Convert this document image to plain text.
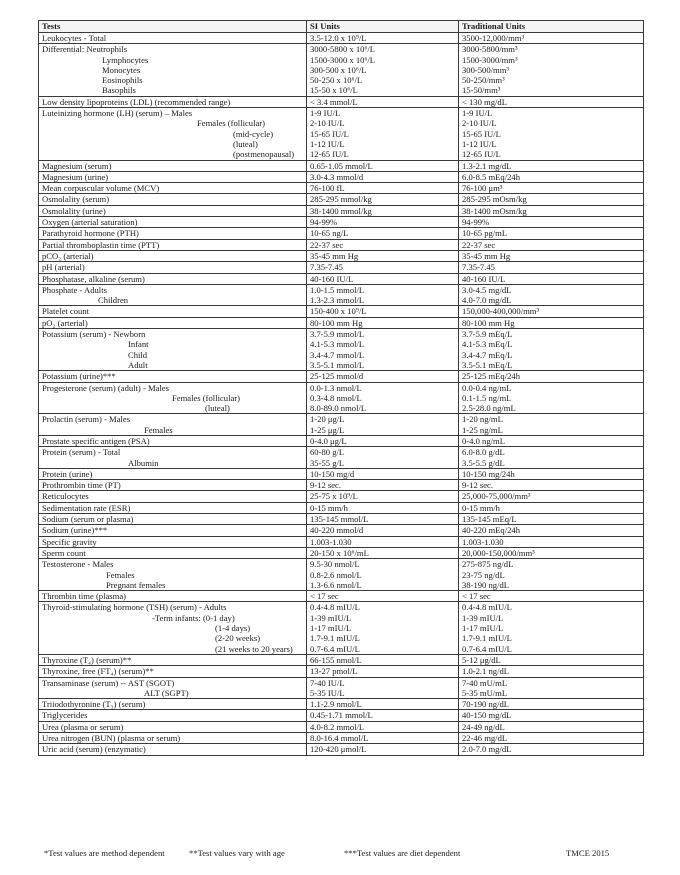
Tests	SI Units	Traditional Units
Leukocytes - Total	3.5-12.0 x 10⁹/L	3500-12,000/mm³
Differential: Neutrophils	3000-5800 x 10⁶/L	3000-5800/mm³
Lymphocytes	1500-3000 x 10⁶/L	1500-3000/mm³
Monocytes	300-500 x 10⁶/L	300-500/mm³
Eosinophils	50-250 x 10⁶/L	50-250/mm³
Basophils	15-50 x 10⁶/L	15-50/mm³
Low density lipoproteins (LDL) (recommended range)	< 3.4 mmol/L	< 130 mg/dL
Luteinizing hormone (LH) (serum) – Males	1-9 IU/L	1-9 IU/L
Females (follicular)	2-10 IU/L	2-10 IU/L
(mid-cycle)	15-65 IU/L	15-65 IU/L
(luteal)	1-12 IU/L	1-12 IU/L
(postmenopausal)	12-65 IU/L	12-65 IU/L
Magnesium (serum)	0.65-1.05 mmol/L	1.3-2.1 mg/dL
Magnesium (urine)	3.0-4.3 mmol/d	6.0-8.5 mEq/24h
Mean corpuscular volume (MCV)	76-100 fL	76-100 μm³
Osmolality (serum)	285-295 mmol/kg	285-295 mOsm/kg
Osmolality (urine)	38-1400 mmol/kg	38-1400 mOsm/kg
Oxygen (arterial saturation)	94-99%	94-99%
Parathyroid hormone (PTH)	10-65 ng/L	10-65 pg/mL
Partial thromboplastin time (PTT)	22-37 sec	22-37 sec
pCO₂ (arterial)	35-45 mm Hg	35-45 mm Hg
pH (arterial)	7.35-7.45	7.35-7.45
Phosphatase, alkaline (serum)	40-160 IU/L	40-160 IU/L
Phosphate - Adults	1.0-1.5 mmol/L	3.0-4.5 mg/dL
Children	1.3-2.3 mmol/L	4.0-7.0 mg/dL
Platelet count	150-400 x 10⁹/L	150,000-400,000/mm³
pO₂ (arterial)	80-100 mm Hg	80-100 mm Hg
Potassium (serum) - Newborn	3.7-5.9 mmol/L	3.7-5.9 mEq/L
Infant	4.1-5.3 mmol/L	4.1-5.3 mEq/L
Child	3.4-4.7 mmol/L	3.4-4.7 mEq/L
Adult	3.5-5.1 mmol/L	3.5-5.1 mEq/L
Potassium (urine)***	25-125 mmol/d	25-125 mEq/24h
Progesterone (serum) (adult) - Males	0.0-1.3 nmol/L	0.0-0.4 ng/mL
Females (follicular)	0.3-4.8 nmol/L	0.1-1.5 ng/mL
(luteal)	8.0-89.0 nmol/L	2.5-28.0 ng/mL
Prolactin (serum) - Males	1-20 μg/L	1-20 ng/mL
Females	1-25 μg/L	1-25 ng/mL
Prostate specific antigen (PSA)	0-4.0 μg/L	0-4.0 ng/mL
Protein (serum) - Total	60-80 g/L	6.0-8.0 g/dL
Albumin	35-55 g/L	3.5-5.5 g/dL
Protein (urine)	10-150 mg/d	10-150 mg/24h
Prothrombin time (PT)	9-12 sec.	9-12 sec.
Reticulocytes	25-75 x 10⁹/L	25,000-75,000/mm³
Sedimentation rate (ESR)	0-15 mm/h	0-15 mm/h
Sodium (serum or plasma)	135-145 mmol/L	135-145 mEq/L
Sodium (urine)***	40-220 mmol/d	40-220 mEq/24h
Specific gravity	1.003-1.030	1.003-1.030
Sperm count	20-150 x 10⁶/mL	20,000-150,000/mm³
Testosterone - Males	9.5-30 nmol/L	275-875 ng/dL
Females	0.8-2.6 nmol/L	23-75 ng/dL
Pregnant females	1.3-6.6 nmol/L	38-190 ng/dL
Thrombin time (plasma)	< 17 sec	< 17 sec
Thyroid-stimulating hormone (TSH) (serum) - Adults	0.4-4.8 mIU/L	0.4-4.8 mIU/L
-Term infants: (0-1 day)	1-39 mIU/L	1-39 mIU/L
(1-4 days)	1-17 mIU/L	1-17 mIU/L
(2-20 weeks)	1.7-9.1 mIU/L	1.7-9.1 mIU/L
(21 weeks to 20 years)	0.7-6.4 mIU/L	0.7-6.4 mIU/L
Thyroxine (T₄) (serum)**	66-155 nmol/L	5-12 μg/dL
Thyroxine, free (FT₄) (serum)**	13-27 pmol/L	1.0-2.1 ng/dL
Transaminase (serum) -- AST (SGOT)	7-40 IU/L	7-40 mU/mL
ALT (SGPT)	5-35 IU/L	5-35 mU/mL
Triiodothyronine (T₃) (serum)	1.1-2.9 nmol/L	70-190 ng/dL
Triglycerides	0.45-1.71 mmol/L	40-150 mg/dL
Urea (plasma or serum)	4.0-8.2 mmol/L	24-49 ng/dL
Urea nitrogen (BUN) (plasma or serum)	8.0-16.4 mmol/L	22-46 mg/dL
Uric acid (serum) (enzymatic)	120-420 μmol/L	2.0-7.0 mg/dL
*Test values are method dependent	**Test values vary with age	***Test values are diet dependent	TMCE 2015
